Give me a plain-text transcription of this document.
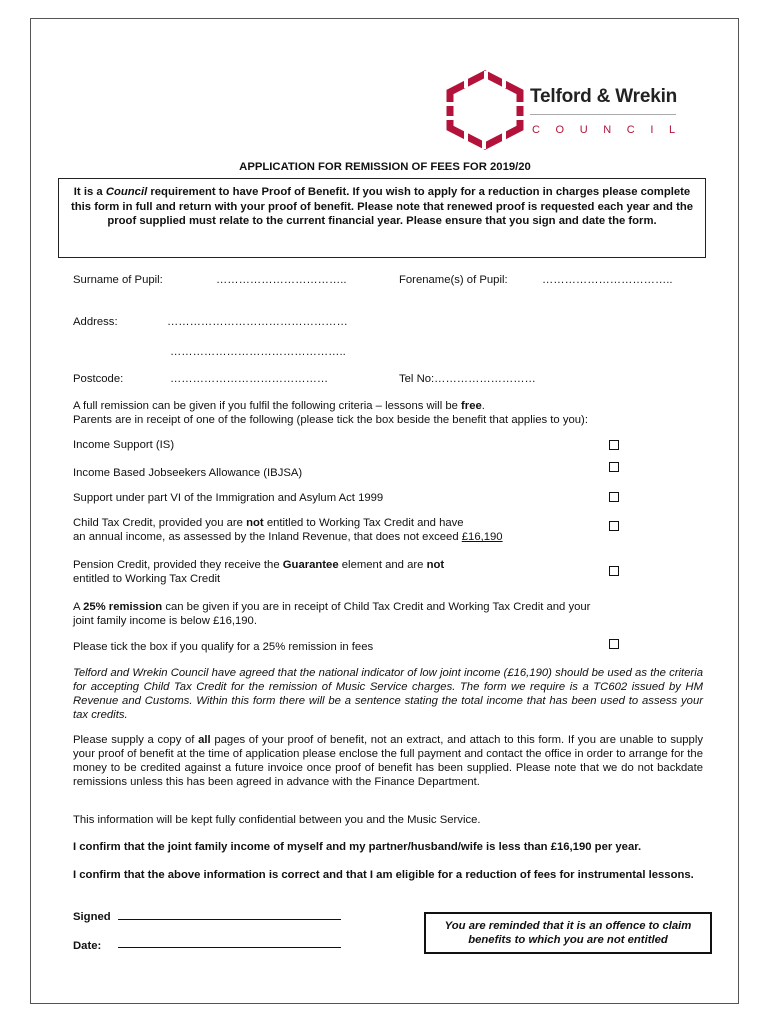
Telford & Wrekin
COUNCIL
APPLICATION FOR REMISSION OF FEES FOR 2019/20
It is a Council requirement to have Proof of Benefit. If you wish to apply for a reduction in charges please complete this form in full and return with your proof of benefit. Please note that renewed proof is requested each year and the proof supplied must relate to the current financial year. Please ensure that you sign and date the form.
Surname of Pupil:	……………………………..	Forename(s) of Pupil:	……………………………..
Address:	…………………………………………
………………………………………..
Postcode:	……………………………………	Tel No:………………………
A full remission can be given if you fulfil the following criteria – lessons will be free.
Parents are in receipt of one of the following (please tick the box beside the benefit that applies to you):
Income Support (IS)
Income Based Jobseekers Allowance (IBJSA)
Support under part VI of the Immigration and Asylum Act 1999
Child Tax Credit, provided you are not entitled to Working Tax Credit and have
an annual income, as assessed by the Inland Revenue, that does not exceed £16,190
Pension Credit, provided they receive the Guarantee element and are not
entitled to Working Tax Credit
A 25% remission can be given if you are in receipt of Child Tax Credit and Working Tax Credit and your
joint family income is below £16,190.
Please tick the box if you qualify for a 25% remission in fees
Telford and Wrekin Council have agreed that the national indicator of low joint income (£16,190) should be used as the criteria for accepting Child Tax Credit for the remission of Music Service charges. The form we require is a TC602 issued by HM Revenue and Customs. Within this form there will be a sentence stating the total income that has been used to assess your tax credits.
Please supply a copy of all pages of your proof of benefit, not an extract, and attach to this form. If you are unable to supply your proof of benefit at the time of application please enclose the full payment and contact the office in order to arrange for the money to be credited against a future invoice once proof of benefit has been supplied. Please note that we do not backdate remissions unless this has been agreed in advance with the Finance Department.
This information will be kept fully confidential between you and the Music Service.
I confirm that the joint family income of myself and my partner/husband/wife is less than £16,190 per year.
I confirm that the above information is correct and that I am eligible for a reduction of fees for instrumental lessons.
Signed
Date:
You are reminded that it is an offence to claim benefits to which you are not entitled
